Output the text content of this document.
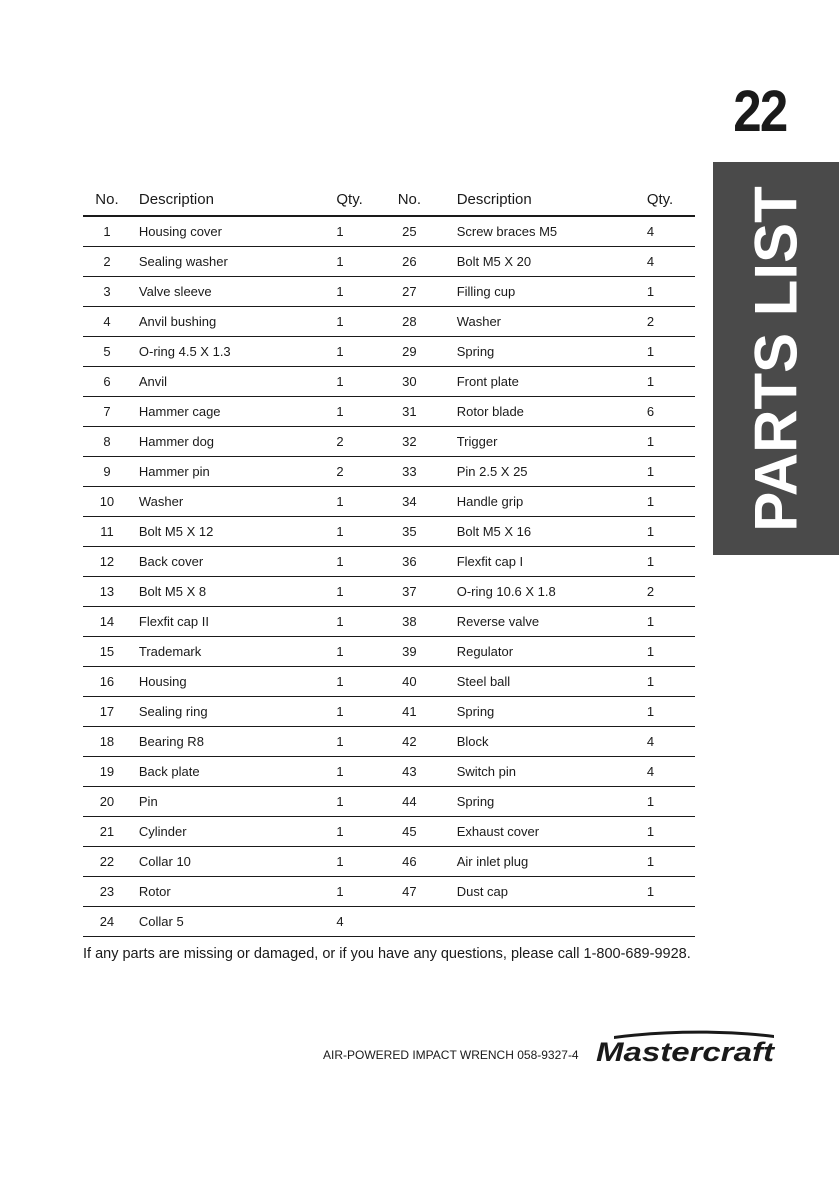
22
PARTS LIST
No.	Description	Qty.	No.	Description	Qty.
1	Housing cover	1	25	Screw braces M5	4
2	Sealing washer	1	26	Bolt M5 X 20	4
3	Valve sleeve	1	27	Filling cup	1
4	Anvil bushing	1	28	Washer	2
5	O-ring 4.5 X 1.3	1	29	Spring	1
6	Anvil	1	30	Front plate	1
7	Hammer cage	1	31	Rotor blade	6
8	Hammer dog	2	32	Trigger	1
9	Hammer pin	2	33	Pin 2.5 X 25	1
10	Washer	1	34	Handle grip	1
11	Bolt M5 X 12	1	35	Bolt M5 X 16	1
12	Back cover	1	36	Flexfit cap I	1
13	Bolt M5 X 8	1	37	O-ring 10.6 X 1.8	2
14	Flexfit cap II	1	38	Reverse valve	1
15	Trademark	1	39	Regulator	1
16	Housing	1	40	Steel ball	1
17	Sealing ring	1	41	Spring	1
18	Bearing R8	1	42	Block	4
19	Back plate	1	43	Switch pin	4
20	Pin	1	44	Spring	1
21	Cylinder	1	45	Exhaust cover	1
22	Collar 10	1	46	Air inlet plug	1
23	Rotor	1	47	Dust cap	1
24	Collar 5	4			
If any parts are missing or damaged, or if you have any questions, please call 1-800-689-9928.
AIR-POWERED IMPACT WRENCH 058-9327-4 Mastercraft
